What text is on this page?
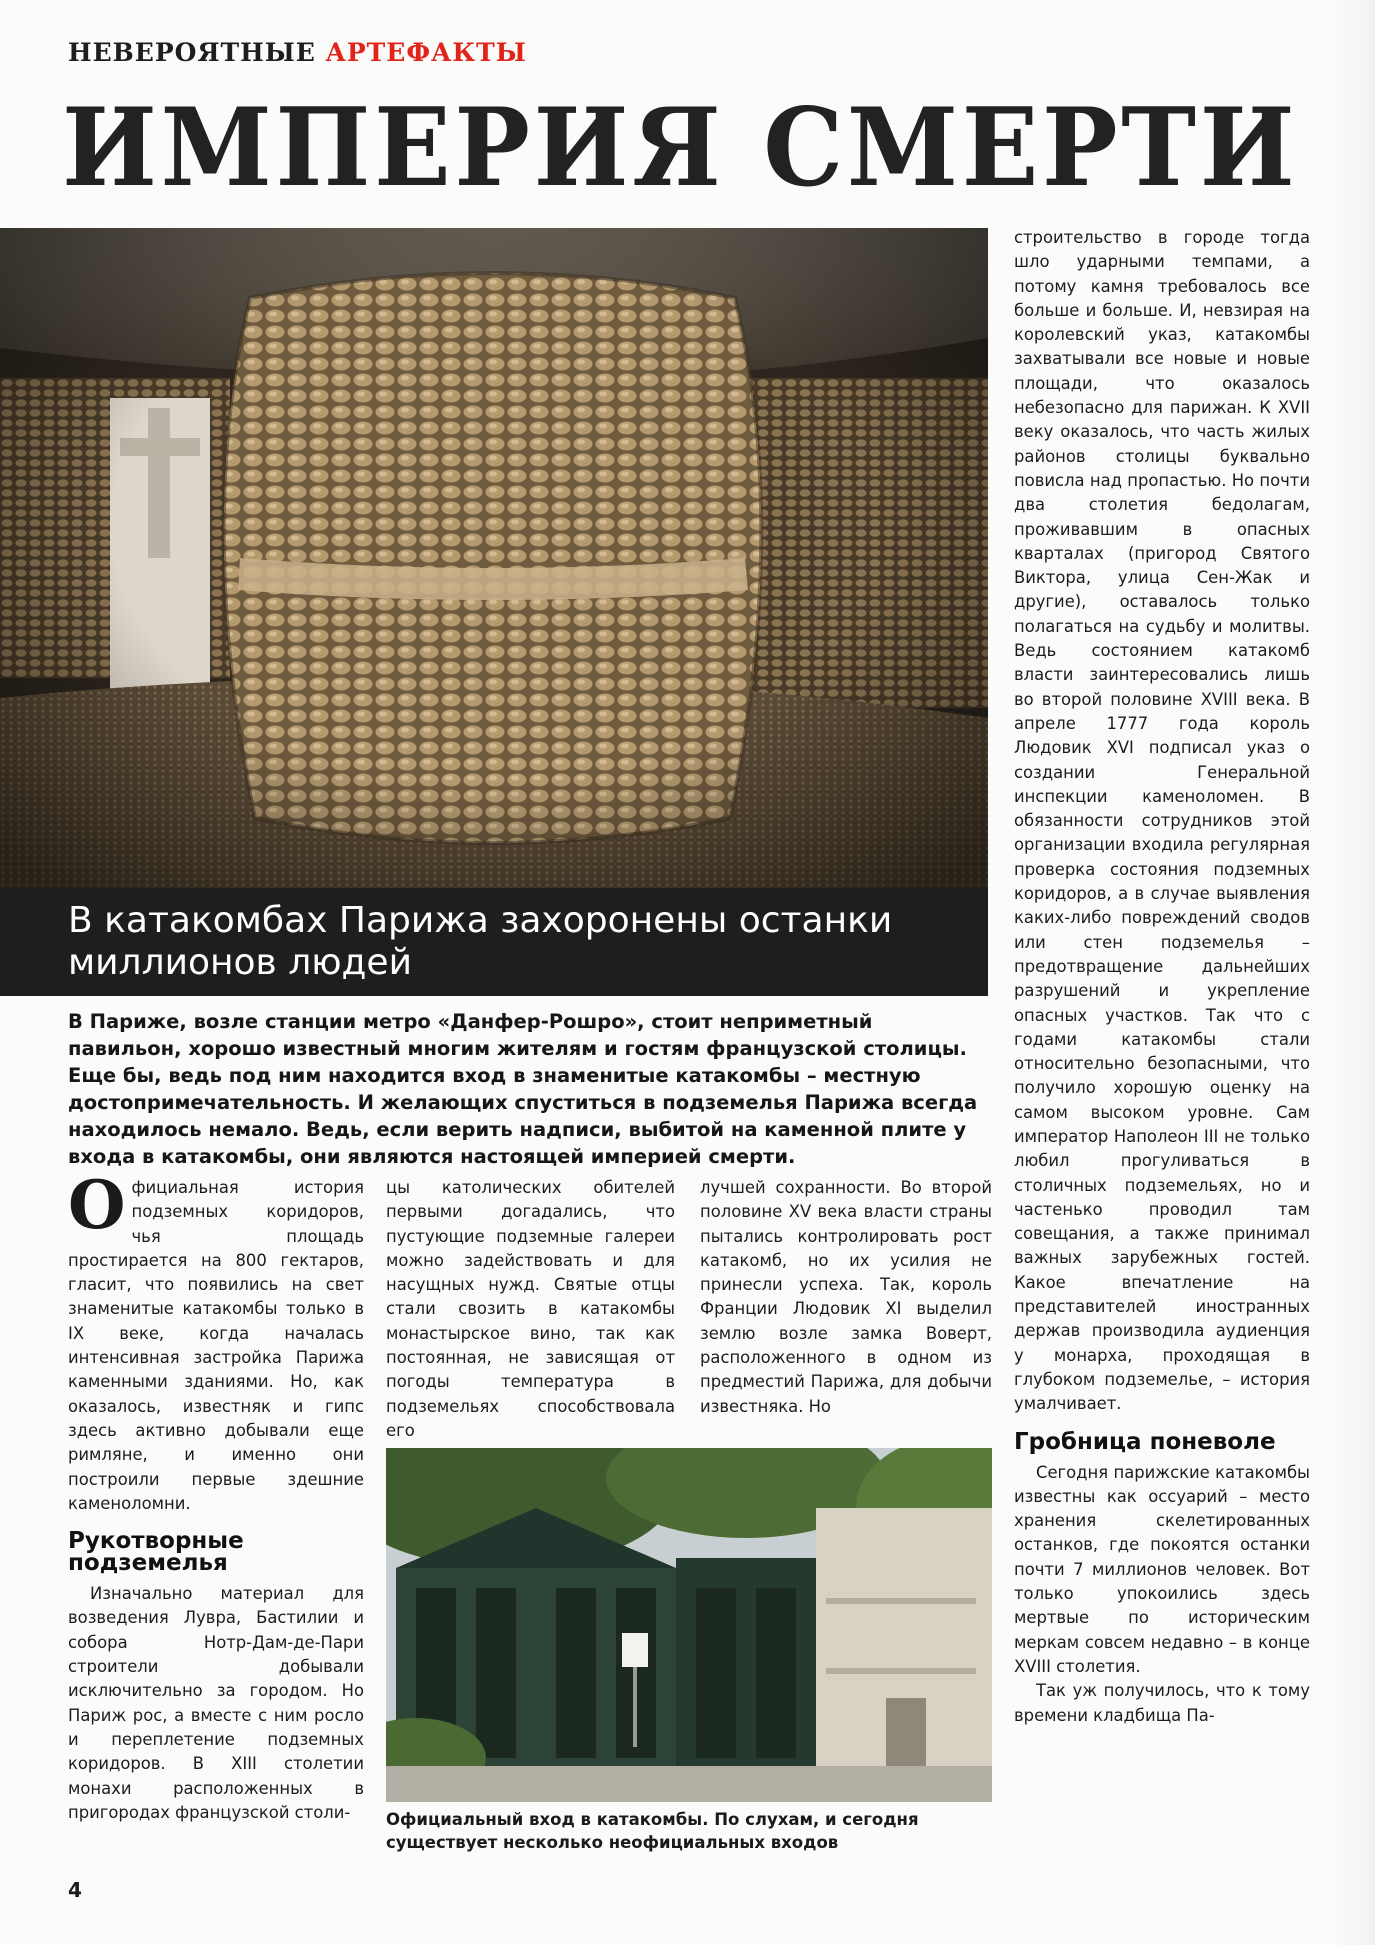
НЕВЕРОЯТНЫЕ АРТЕФАКТЫ
ИМПЕРИЯ СМЕРТИ
В катакомбах Парижа захоронены останки миллионов людей
В Париже, возле станции метро «Данфер-Рошро», стоит неприметный павильон, хорошо известный многим жителям и гостям французской столицы. Еще бы, ведь под ним находится вход в знаменитые катакомбы – местную достопримечательность. И желающих спуститься в подземелья Парижа всегда находилось немало. Ведь, если верить надписи, выбитой на каменной плите у входа в катакомбы, они являются настоящей империей смерти.

Официальная история подземных коридоров, чья площадь простирается на 800 гектаров, гласит, что появились на свет знаменитые катакомбы только в IX веке, когда началась интенсивная застройка Парижа каменными зданиями. Но, как оказалось, известняк и гипс здесь активно добывали еще римляне, и именно они построили первые здешние каменоломни.

Рукотворные подземелья

Изначально материал для возведения Лувра, Бастилии и собора Нотр-Дам-де-Пари строители добывали исключительно за городом. Но Париж рос, а вместе с ним росло и переплетение подземных коридоров. В XIII столетии монахи расположенных в пригородах французской столи-

цы католических обителей первыми догадались, что пустующие подземные галереи можно задействовать и для насущных нужд. Святые отцы стали свозить в катакомбы монастырское вино, так как постоянная, не зависящая от погоды температура в подземельях способствовала его

лучшей сохранности. Во второй половине XV века власти страны пытались контролировать рост катакомб, но их усилия не принесли успеха. Так, король Франции Людовик XI выделил землю возле замка Воверт, расположенного в одном из предместий Парижа, для добычи известняка. Но

строительство в городе тогда шло ударными темпами, а потому камня требовалось все больше и больше. И, невзирая на королевский указ, катакомбы захватывали все новые и новые площади, что оказалось небезопасно для парижан. К XVII веку оказалось, что часть жилых районов столицы буквально повисла над пропастью. Но почти два столетия бедолагам, проживавшим в опасных кварталах (пригород Святого Виктора, улица Сен-Жак и другие), оставалось только полагаться на судьбу и молитвы. Ведь состоянием катакомб власти заинтересовались лишь во второй половине XVIII века. В апреле 1777 года король Людовик XVI подписал указ о создании Генеральной инспекции каменоломен. В обязанности сотрудников этой организации входила регулярная проверка состояния подземных коридоров, а в случае выявления каких-либо повреждений сводов или стен подземелья – предотвращение дальнейших разрушений и укрепление опасных участков. Так что с годами катакомбы стали относительно безопасными, что получило хорошую оценку на самом высоком уровне. Сам император Наполеон III не только любил прогуливаться в столичных подземельях, но и частенько проводил там совещания, а также принимал важных зарубежных гостей. Какое впечатление на представителей иностранных держав производила аудиенция у монарха, проходящая в глубоком подземелье, – история умалчивает.

Гробница поневоле

Сегодня парижские катакомбы известны как оссуарий – место хранения скелетированных останков, где покоятся останки почти 7 миллионов человек. Вот только упокоились здесь мертвые по историческим меркам совсем недавно – в конце XVIII столетия.

Так уж получилось, что к тому времени кладбища Па-

Официальный вход в катакомбы. По слухам, и сегодня существует несколько неофициальных входов
4
